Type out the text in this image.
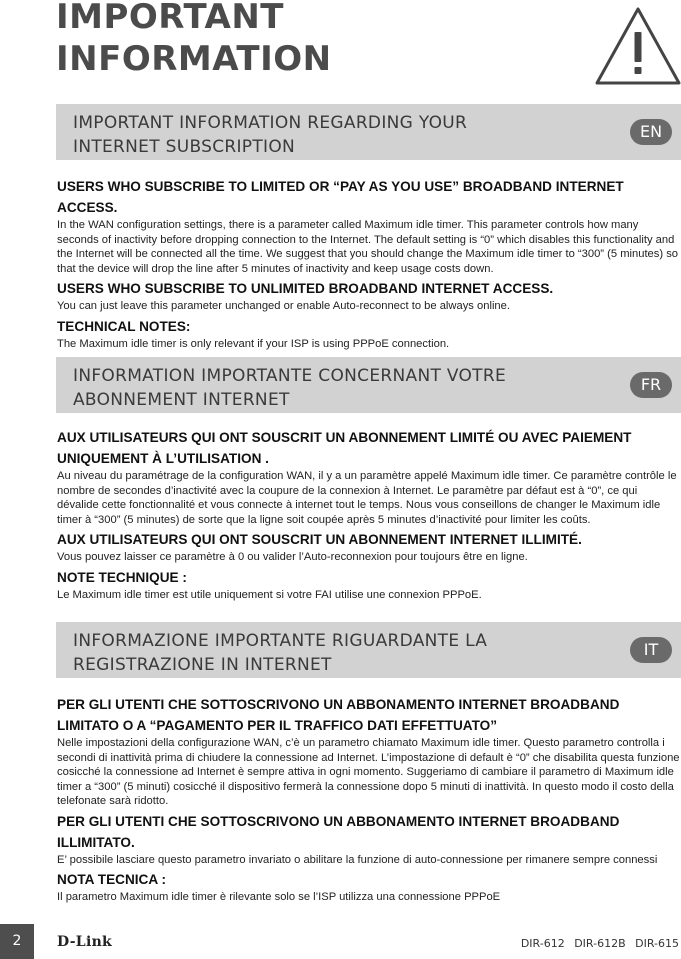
IMPORTANT
INFORMATION
IMPORTANT INFORMATION REGARDING YOUR
INTERNET SUBSCRIPTION
EN
USERS WHO SUBSCRIBE TO LIMITED OR “PAY AS YOU USE” BROADBAND INTERNET ACCESS.
In the WAN configuration settings, there is a parameter called Maximum idle timer. This parameter controls how many seconds of inactivity before dropping connection to the Internet. The default setting is “0” which disables this functionality and the Internet will be connected all the time. We suggest that you should change the Maximum idle timer to “300” (5 minutes) so that the device will drop the line after 5 minutes of inactivity and keep usage costs down.
USERS WHO SUBSCRIBE TO UNLIMITED BROADBAND INTERNET ACCESS.
You can just leave this parameter unchanged or enable Auto-reconnect to be always online.
TECHNICAL NOTES:
The Maximum idle timer is only relevant if your ISP is using PPPoE connection.
INFORMATION IMPORTANTE CONCERNANT VOTRE
ABONNEMENT INTERNET
FR
AUX UTILISATEURS QUI ONT SOUSCRIT UN ABONNEMENT LIMITÉ OU AVEC PAIEMENT UNIQUEMENT À L’UTILISATION .
Au niveau du paramétrage de la configuration WAN, il y a un paramètre appelé Maximum idle timer. Ce paramètre contrôle le nombre de secondes d’inactivité avec la coupure de la connexion à Internet. Le paramètre par défaut est à “0”, ce qui dévalide cette fonctionnalité et vous connecte à internet tout le temps. Nous vous conseillons de changer le Maximum idle timer à “300” (5 minutes) de sorte que la ligne soit coupée après 5 minutes d’inactivité pour limiter les coûts.
AUX UTILISATEURS QUI ONT SOUSCRIT UN ABONNEMENT INTERNET ILLIMITÉ.
Vous pouvez laisser ce paramètre à 0 ou valider l’Auto-reconnexion pour toujours être en ligne.
NOTE TECHNIQUE :
Le Maximum idle timer est utile uniquement si votre FAI utilise une connexion PPPoE.
INFORMAZIONE IMPORTANTE RIGUARDANTE LA
REGISTRAZIONE IN INTERNET
IT
PER GLI UTENTI CHE SOTTOSCRIVONO UN ABBONAMENTO INTERNET BROADBAND LIMITATO O A “PAGAMENTO PER IL TRAFFICO DATI EFFETTUATO”
Nelle impostazioni della configurazione WAN, c’è un parametro chiamato Maximum idle timer. Questo parametro controlla i secondi di inattività prima di chiudere la connessione ad Internet. L’impostazione di default è “0” che disabilita questa funzione cosicché la connessione ad Internet è sempre attiva in ogni momento. Suggeriamo di cambiare il parametro di Maximum idle timer a “300” (5 minuti) cosicché il dispositivo fermerà la connessione dopo 5 minuti di inattività. In questo modo il costo della telefonate sarà ridotto.
PER GLI UTENTI CHE SOTTOSCRIVONO UN ABBONAMENTO INTERNET BROADBAND ILLIMITATO.
E’ possibile lasciare questo parametro invariato o abilitare la funzione di auto-connessione per rimanere sempre connessi
NOTA TECNICA :
Il parametro Maximum idle timer è rilevante solo se l’ISP utilizza una connessione PPPoE
2	D-Link	DIR-612 DIR-612B DIR-615
